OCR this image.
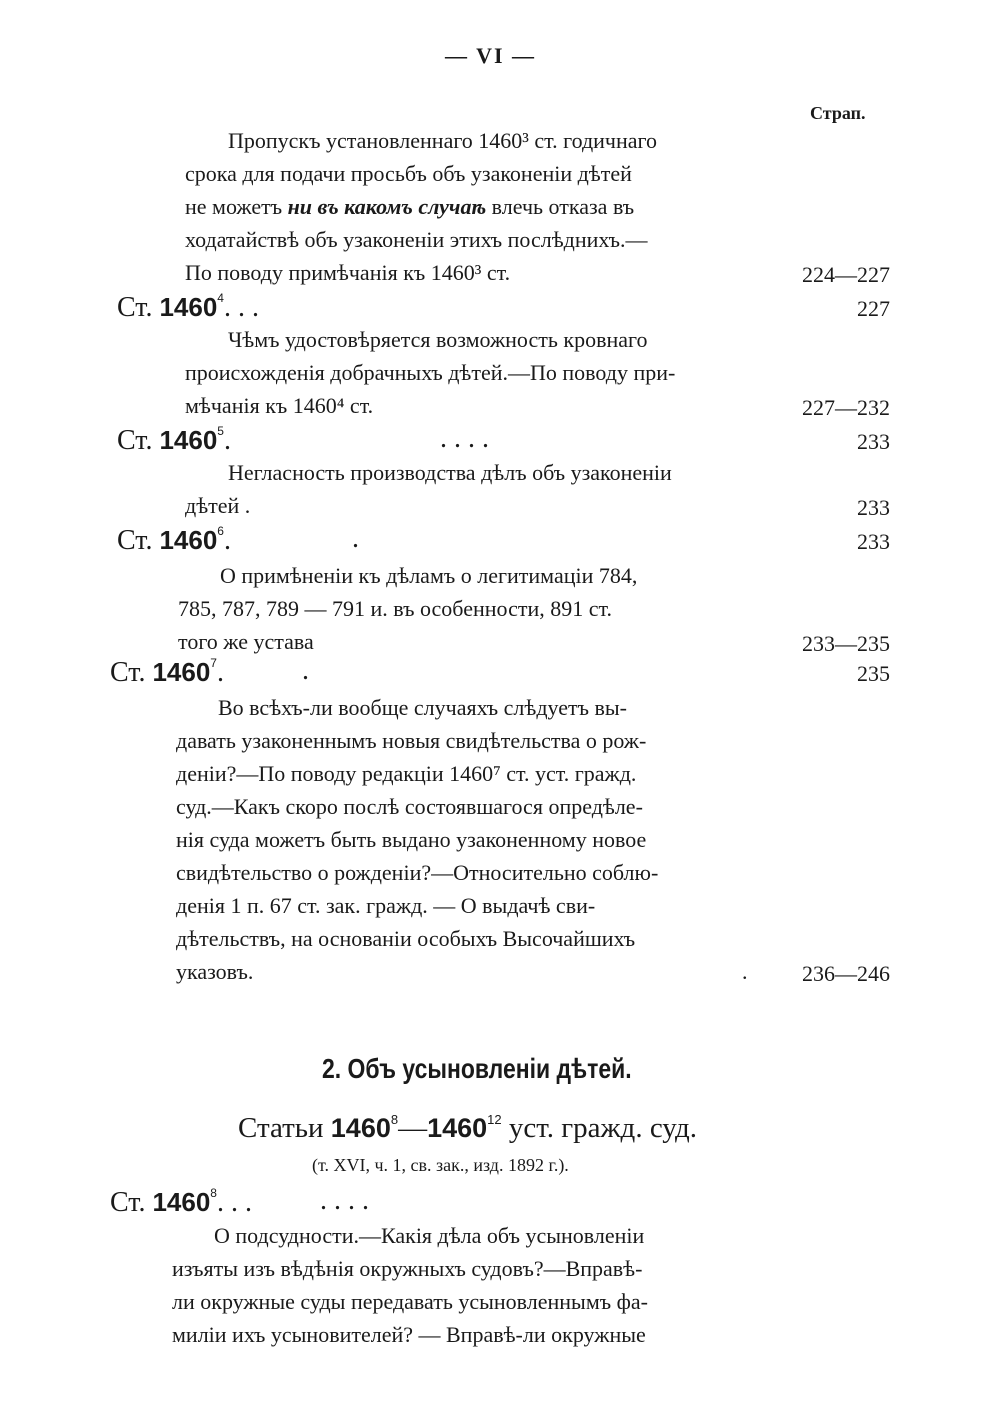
— VI —
Страп.
Пропускъ установленнаго 1460³ ст. годичнаго
срока для подачи просьбъ объ узаконеніи дѣтей
не можетъ ни въ какомъ случаѣ влечь отказа въ
ходатайствѣ объ узаконеніи этихъ послѣднихъ.—
По поводу примѣчанія къ 1460³ ст.	224—227
Ст. 1460$^4$. . .	227
Чѣмъ удостовѣряется возможность кровнаго
происхожденія добрачныхъ дѣтей.—По поводу при-
мѣчанія къ 1460⁴ ст.	227—232
Ст. 1460$^5$.	. . . .	233
Негласность производства дѣлъ объ узаконеніи
дѣтей .	233
Ст. 1460$^6$.	.	233
О примѣненіи къ дѣламъ о легитимаціи 784,
785, 787, 789 — 791 и. въ особенности, 891 ст.
того же устава	233—235
Ст. 1460$^7$.	.	235
Во всѣхъ-ли вообще случаяхъ слѣдуетъ вы-
давать узаконеннымъ новыя свидѣтельства о рож-
деніи?—По поводу редакціи 1460⁷ ст. уст. гражд.
суд.—Какъ скоро послѣ состоявшагося опредѣле-
нія суда можетъ быть выдано узаконенному новое
свидѣтельство о рожденіи?—Относительно соблю-
денія 1 п. 67 ст. зак. гражд. — О выдачѣ сви-
дѣтельствъ, на основаніи особыхъ Высочайшихъ
указовъ.	.	236—246
2. Объ усыновленіи дѣтей.
Статьи 1460$^8$—1460$^{12}$ уст. гражд. суд.
(т. XVI, ч. 1, св. зак., изд. 1892 г.).
Ст. 1460$^8$. . . . . . .
О подсудности.—Какія дѣла объ усыновленіи
изъяты изъ вѣдѣнія окружныхъ судовъ?—Вправѣ-
ли окружные суды передавать усыновленнымъ фа-
миліи ихъ усыновителей? — Вправѣ-ли окружные
